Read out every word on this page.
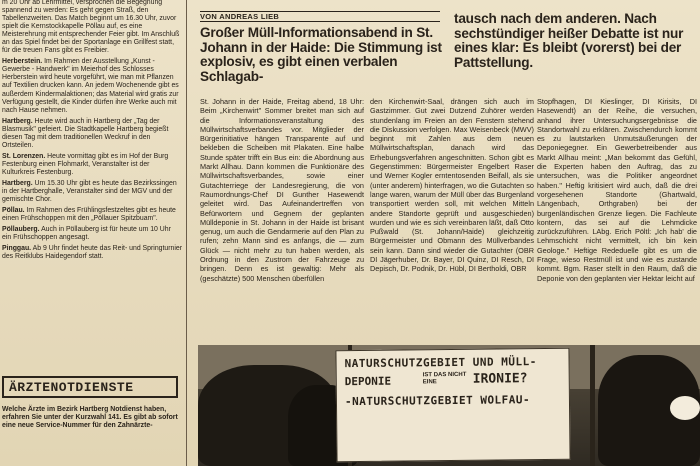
m 20 Uhr ab Lehrmittel, versprochen die Begegnung spannend zu werden: Es geht gegen Straß, den Tabellenzweiten. Das Match beginnt um 16.30 Uhr, zuvor spielt die Kernstockkapelle Pöllau auf, es eine Meisterehrung mit entsprechender Feier gibt. Im Anschluß an das Spiel findet bei der Sportanlage ein Grillfest statt, für die treuen Fans gibt es Freibier.

Herberstein. Im Rahmen der Ausstellung „Kunst - Gewerbe - Handwerk" im Meierhof des Schlosses Herberstein wird heute vorgeführt, wie man mit Pflanzen auf Textilien drucken kann. An jedem Wochenende gibt es außerdem Kindermalaktionen; das Material wird gratis zur Verfügung gestellt, die Kinder dürfen ihre Werke auch mit nach Hause nehmen.

Hartberg. Heute wird auch in Hartberg der „Tag der Blasmusik" gefeiert. Die Stadtkapelle Hartberg begießt diesen Tag mit dem traditionellen Weckruf in den Ortsteilen.

St. Lorenzen. Heute vormittag gibt es im Hof der Burg Festenburg einen Flohmarkt, Veranstalter ist der Kulturkreis Festenburg.

Hartberg. Um 15.30 Uhr gibt es heute das Bezirkssingen in der Hartberghalle, Veranstalter sind der MGV und der gemischte Chor.

Pöllau. Im Rahmen des Frühlingsfestzeltes gibt es heute einen Frühschoppen mit den „Pöllauer Spitzbuam".

Pöllauberg. Auch in Pöllauberg ist für heute um 10 Uhr ein Frühschoppen angesagt.

Pinggau. Ab 9 Uhr findet heute das Reit- und Springturnier des Reitklubs Haidegendorf statt.

ÄRZTENOTDIENSTE
Welche Ärzte im Bezirk Hartberg Notdienst haben, erfahren Sie unter der Kurzwahl 141. Es gibt ab sofort eine neue Service-Nummer für den Zahnärzte-
VON ANDREAS LIEB
Großer Müll-Informationsabend in St. Johann in der Haide: Die Stimmung ist explosiv, es gibt einen verbalen Schlagab-
tausch nach dem anderen. Nach sechstündiger heißer Debatte ist nur eines klar: Es bleibt (vorerst) bei der Pattstellung.

St. Johann in der Haide, Freitag abend, 18 Uhr: Beim „Kirchenwirt" Sommer breitet man sich auf die Informationsveranstaltung des Müllwirtschaftsverbandes vor. Mitglieder der Bürgerinitiative hängen Transparente auf und bekleben die Scheiben mit Plakaten. Eine halbe Stunde später trifft ein Bus ein: die Abordnung aus Markt Allhau. Dann kommen die Funktionäre des Müllwirtschaftsverbandes, sowie einer Gutachterriege der Landesregierung, die von Raumordnungs-Chef DI Gunther Hasewendt geleitet wird. Das Aufeinandertreffen von Befürwortern und Gegnern der geplanten Mülldeponie in St. Johann in der Haide ist brisant genug, um auch die Gendarmerie auf den Plan zu rufen; zehn Mann sind es anfangs, die — zum Glück — nicht mehr zu tun haben werden, als Ordnung in den Zustrom der Fahrzeuge zu bringen. Denn es ist gewaltig: Mehr als (geschätzte) 500 Menschen überfüllen

den Kirchenwirt-Saal, drängen sich auch im Gastzimmer. Gut zwei Dutzend Zuhörer werden stundenlang im Freien an den Fenstern stehend die Diskussion verfolgen. Max Weisenbeck (MWV) beginnt mit Zahlen aus dem neuen Müllwirtschaftsplan, danach wird das Erhebungsverfahren angeschnitten. Schon gibt es Gegenstimmen: Bürgermeister Engelbert Raser und Werner Kogler erntentosenden Beifall, als sie (unter anderem) hinterfragen, wo die Gutachten so lange waren, warum der Müll über das Burgenland transportiert werden soll, mit welchen Mitteln andere Standorte geprüft und ausgeschieden) wurden und wie es sich vereinbaren läßt, daß Otto Pußwald (St. Johann/Haide) gleichzeitig Bürgermeister und Obmann des Müllverbandes sein kann. Dann sind wieder die Gutachter (OBR DI Jägerhuber, Dr. Bayer, DI Quinz, DI Resch, DI Depisch, Dr. Podnik, Dr. Hübl, DI Bertholdi, OBR

Stopfhagen, DI Kieslinger, DI Kirisits, DI Hasewendt) an der Reihe, die versuchen, anhand ihrer Untersuchungsergebnisse die Standortwahl zu erklären. Zwischendurch kommt es zu lautstarken Unmutsäußerungen der Deponiegegner. Ein Gewerbetreibender aus Markt Allhau meint: „Man bekommt das Gefühl, die Experten haben den Auftrag, das zu untersuchen, was die Politiker angeordnet haben." Heftig kritisiert wird auch, daß die drei vorgesehenen Standorte (Ghartwald, Längenbach, Orthgraben) bei der burgenländischen Grenze liegen. Die Fachleute kontern, das sei auf die Lehmdicke zurückzuführen. LAbg. Erich Pöltl: „Ich hab' die Lehmschicht nicht vermittelt, ich bin kein Geologe." Heftige Rededuelle gibt es um die Frage, wieso Restmüll ist und wie es zustande kommt. Bgm. Raser stellt in den Raum, daß die Deponie von den geplanten vier Hektar leicht auf

NATURSCHUTZGEBIET UND MÜLL-
DEPONIE	IST DAS NICHT EINE	IRONIE?
-NATURSCHUTZGEBIET WOLFAU-
